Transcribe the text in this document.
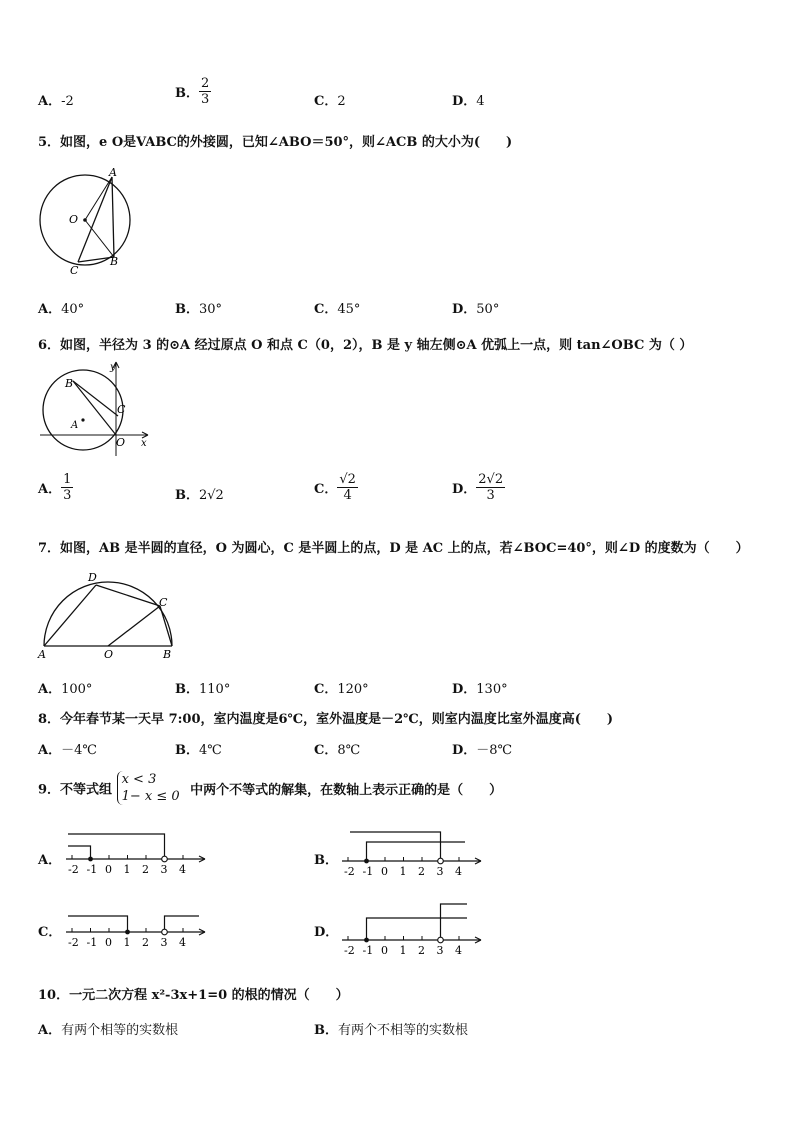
A．-2
B． $\frac{2}{3}$	C．2	D．4
5．如图，e O是VABC的外接圆，已知∠ABO＝50°，则∠ACB 的大小为(　　)
A
O
C
B
A．40°	B．30°	C．45°	D．50°
6．如图，半径为 3 的⊙A 经过原点 O 和点 C（0，2），B 是 y 轴左侧⊙A 优弧上一点，则 tan∠OBC 为（ ）
y
B
C
A
O x
A． $\frac{1}{3}$	B．2√2	C． $\frac{√2}{4}$	D． $\frac{2√2}{3}$
7．如图，AB 是半圆的直径，O 为圆心，C 是半圆上的点，D 是 AC 上的点，若∠BOC=40°，则∠D 的度数为（　　）
D
C
A	O	B
A．100°	B．110°	C．120°	D．130°
8．今年春节某一天早 7:00，室内温度是6℃，室外温度是－2℃，则室内温度比室外温度高(　　)
A．－4℃	B．4℃	C．8℃	D．－8℃
9．不等式组
x < 3
1− x ≤ 0 中两个不等式的解集，在数轴上表示正确的是（　　）
A．
-2 -1 0 1 2 3 4
B．
-2 -1 0 1 2 3 4
C．
-2 -1 0 1 2 3 4
D．
-2 -1 0 1 2 3 4
10．一元二次方程 x²-3x+1=0 的根的情况（　　）
A．有两个相等的实数根	B．有两个不相等的实数根
